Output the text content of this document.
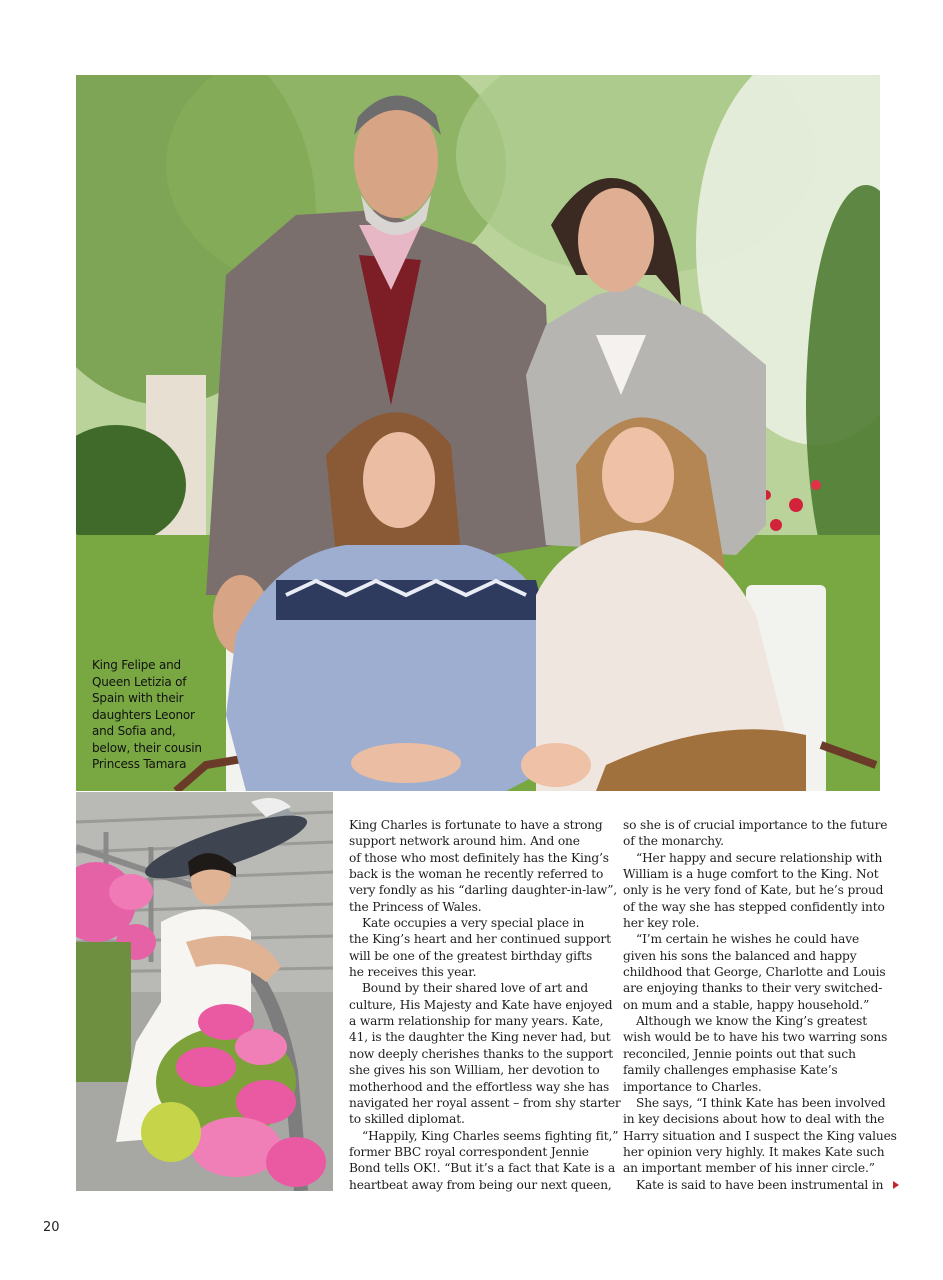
King Felipe and Queen Letizia of Spain with their daughters Leonor and Sofia and, below, their cousin Princess Tamara

King Charles is fortunate to have a strong

support network around him. And one

of those who most definitely has the King’s

back is the woman he recently referred to

very fondly as his “darling daughter-in-law”,

the Princess of Wales.

Kate occupies a very special place in

the King’s heart and her continued support

will be one of the greatest birthday gifts

he receives this year.

Bound by their shared love of art and

culture, His Majesty and Kate have enjoyed

a warm relationship for many years. Kate,

41, is the daughter the King never had, but

now deeply cherishes thanks to the support

she gives his son William, her devotion to

motherhood and the effortless way she has

navigated her royal assent – from shy starter

to skilled diplomat.

“Happily, King Charles seems fighting fit,”

former BBC royal correspondent Jennie

Bond tells OK!. “But it’s a fact that Kate is a

heartbeat away from being our next queen,

so she is of crucial importance to the future

of the monarchy.

“Her happy and secure relationship with

William is a huge comfort to the King. Not

only is he very fond of Kate, but he’s proud

of the way she has stepped confidently into

her key role.

“I’m certain he wishes he could have

given his sons the balanced and happy

childhood that George, Charlotte and Louis

are enjoying thanks to their very switched-

on mum and a stable, happy household.”

Although we know the King’s greatest

wish would be to have his two warring sons

reconciled, Jennie points out that such

family challenges emphasise Kate’s

importance to Charles.

She says, “I think Kate has been involved

in key decisions about how to deal with the

Harry situation and I suspect the King values

her opinion very highly. It makes Kate such

an important member of his inner circle.”

Kate is said to have been instrumental in

20
